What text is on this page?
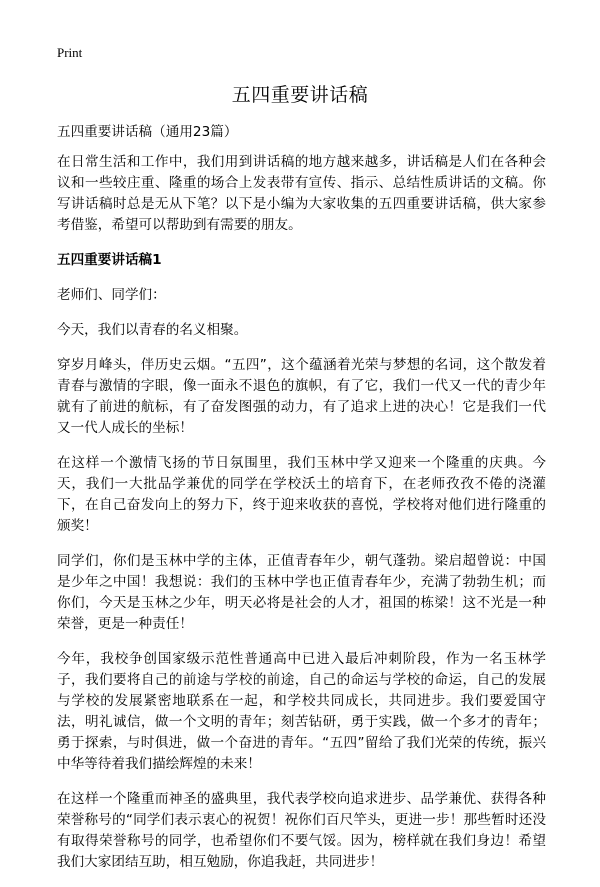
Print
五四重要讲话稿

五四重要讲话稿（通用23篇）

在日常生活和工作中，我们用到讲话稿的地方越来越多，讲话稿是人们在各种会议和一些较庄重、隆重的场合上发表带有宣传、指示、总结性质讲话的文稿。你写讲话稿时总是无从下笔？以下是小编为大家收集的五四重要讲话稿，供大家参考借鉴，希望可以帮助到有需要的朋友。

五四重要讲话稿1

老师们、同学们：

今天，我们以青春的名义相聚。

穿岁月峰头，伴历史云烟。“五四”，这个蕴涵着光荣与梦想的名词，这个散发着青春与激情的字眼，像一面永不退色的旗帜，有了它，我们一代又一代的青少年就有了前进的航标，有了奋发图强的动力，有了追求上进的决心！它是我们一代又一代人成长的坐标！

在这样一个激情飞扬的节日氛围里，我们玉林中学又迎来一个隆重的庆典。今天，我们一大批品学兼优的同学在学校沃土的培育下，在老师孜孜不倦的浇灌下，在自己奋发向上的努力下，终于迎来收获的喜悦，学校将对他们进行隆重的颁奖！

同学们，你们是玉林中学的主体，正值青春年少，朝气蓬勃。梁启超曾说：中国是少年之中国！我想说：我们的玉林中学也正值青春年少，充满了勃勃生机；而你们，今天是玉林之少年，明天必将是社会的人才，祖国的栋梁！这不光是一种荣誉，更是一种责任！

今年，我校争创国家级示范性普通高中已进入最后冲刺阶段，作为一名玉林学子，我们要将自己的前途与学校的前途，自己的命运与学校的命运，自己的发展与学校的发展紧密地联系在一起，和学校共同成长，共同进步。我们要爱国守法，明礼诚信，做一个文明的青年；刻苦钻研，勇于实践，做一个多才的青年；勇于探索，与时俱进，做一个奋进的青年。“五四”留给了我们光荣的传统，振兴中华等待着我们描绘辉煌的未来！

在这样一个隆重而神圣的盛典里，我代表学校向追求进步、品学兼优、获得各种荣誉称号的“同学们表示衷心的祝贺！祝你们百尺竿头，更进一步！那些暂时还没有取得荣誉称号的同学，也希望你们不要气馁。因为，榜样就在我们身边！希望我们大家团结互助，相互勉励，你追我赶，共同进步！
